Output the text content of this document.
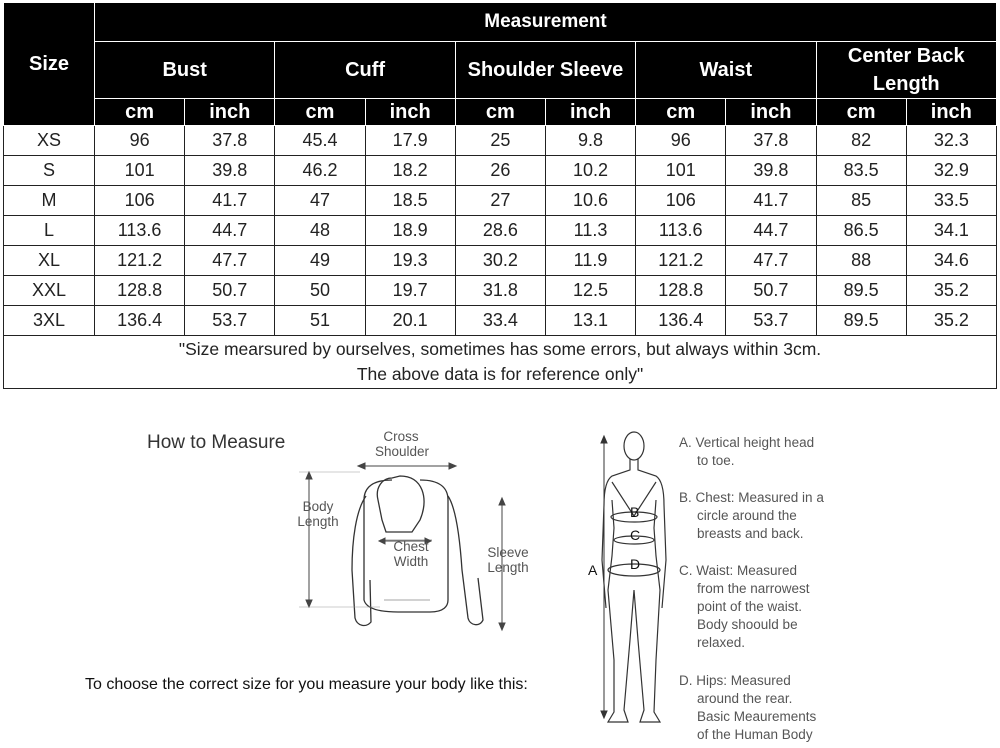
Size	Measurement									
	Bust		Cuff		Shoulder Sleeve		Waist		Center Back Length	
	cm	inch	cm	inch	cm	inch	cm	inch	cm	inch
XS	96	37.8	45.4	17.9	25	9.8	96	37.8	82	32.3
S	101	39.8	46.2	18.2	26	10.2	101	39.8	83.5	32.9
M	106	41.7	47	18.5	27	10.6	106	41.7	85	33.5
L	113.6	44.7	48	18.9	28.6	11.3	113.6	44.7	86.5	34.1
XL	121.2	47.7	49	19.3	30.2	11.9	121.2	47.7	88	34.6
XXL	128.8	50.7	50	19.7	31.8	12.5	128.8	50.7	89.5	35.2
3XL	136.4	53.7	51	20.1	33.4	13.1	136.4	53.7	89.5	35.2

"Size mearsured by ourselves, sometimes has some errors, but always within 3cm.
The above data is for reference only"										
How to Measure	Cross
Shoulder
Body
Length
Chest
Width
Sleeve
Length
To choose the correct size for you measure your body like this:
A
B
C
D
A. Vertical height head
to toe.
B. Chest: Measured in a
circle around the
breasts and back.
C. Waist: Measured
from the narrowest
point of the waist.
Body shoould be
relaxed.
D. Hips: Measured
around the rear.
Basic Meaurements
of the Human Body
